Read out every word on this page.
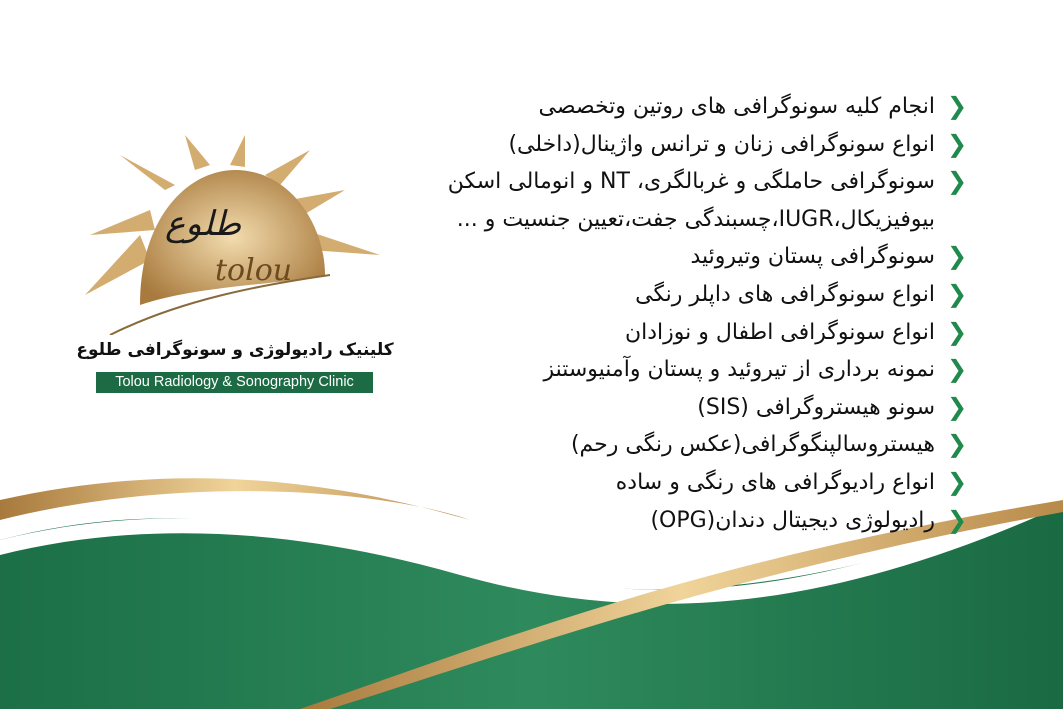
طلوع
tolou
کلینیک رادیولوژی و سونوگرافی طلوع
Tolou Radiology & Sonography Clinic
❯
انجام کلیه سونوگرافی های روتین وتخصصی
❯
انواع سونوگرافی زنان و ترانس واژینال(داخلی)
❯
سونوگرافی حاملگی و غربالگری، NT و انومالی اسکن
بیوفیزیکال،IUGR،چسبندگی جفت،تعیین جنسیت و ...
❯
سونوگرافی پستان وتیروئید
❯
انواع سونوگرافی های داپلر رنگی
❯
انواع سونوگرافی اطفال و نوزادان
❯
نمونه برداری از تیروئید و پستان وآمنیوستنز
❯
سونو هیستروگرافی (SIS)
❯
هیستروسالپنگوگرافی(عکس رنگی رحم)
❯
انواع رادیوگرافی های رنگی و ساده
❯
رادیولوژی دیجیتال دندان(OPG)
